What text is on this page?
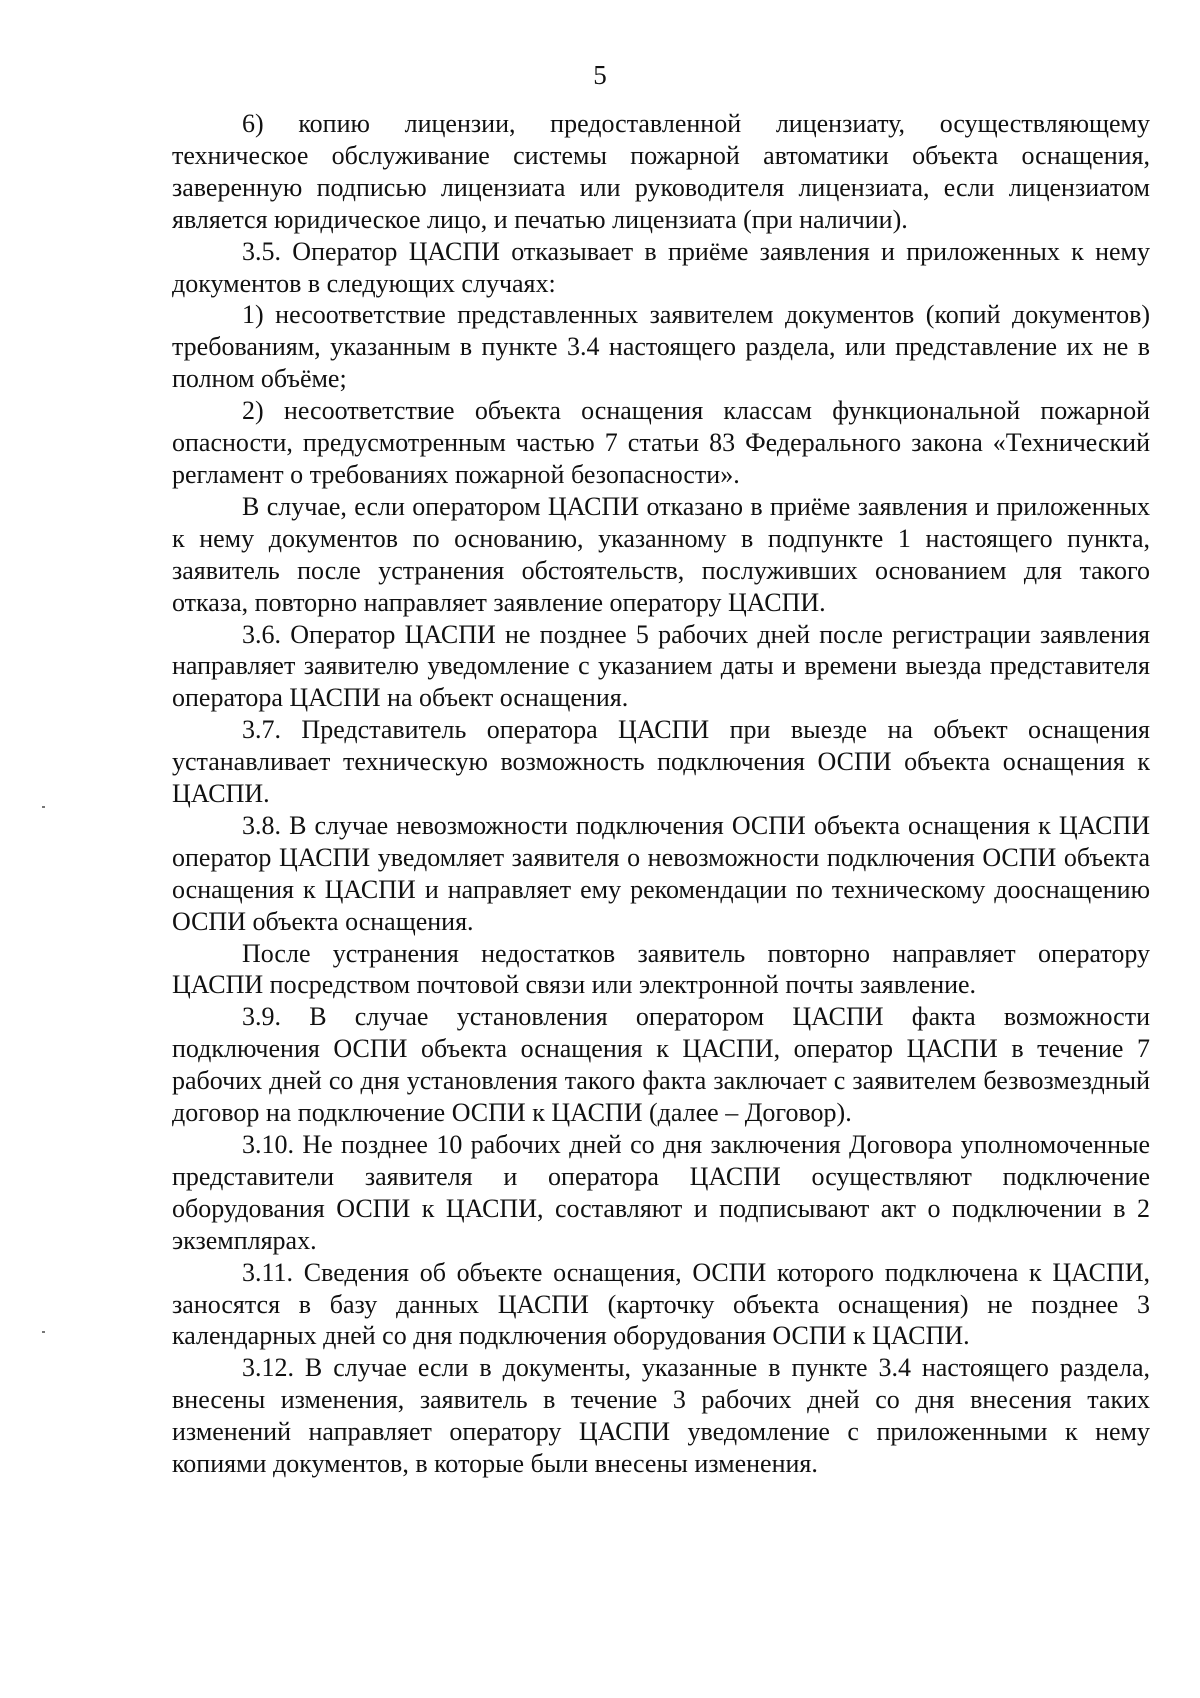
5

6) копию лицензии, предоставленной лицензиату, осуществляющему техническое обслуживание системы пожарной автоматики объекта оснащения, заверенную подписью лицензиата или руководителя лицензиата, если лицензиатом является юридическое лицо, и печатью лицензиата (при наличии).

3.5. Оператор ЦАСПИ отказывает в приёме заявления и приложенных к нему документов в следующих случаях:

1) несоответствие представленных заявителем документов (копий документов) требованиям, указанным в пункте 3.4 настоящего раздела, или представление их не в полном объёме;

2) несоответствие объекта оснащения классам функциональной пожарной опасности, предусмотренным частью 7 статьи 83 Федерального закона «Технический регламент о требованиях пожарной безопасности».

В случае, если оператором ЦАСПИ отказано в приёме заявления и приложенных к нему документов по основанию, указанному в подпункте 1 настоящего пункта, заявитель после устранения обстоятельств, послуживших основанием для такого отказа, повторно направляет заявление оператору ЦАСПИ.

3.6. Оператор ЦАСПИ не позднее 5 рабочих дней после регистрации заявления направляет заявителю уведомление с указанием даты и времени выезда представителя оператора ЦАСПИ на объект оснащения.

3.7. Представитель оператора ЦАСПИ при выезде на объект оснащения устанавливает техническую возможность подключения ОСПИ объекта оснащения к ЦАСПИ.

3.8. В случае невозможности подключения ОСПИ объекта оснащения к ЦАСПИ оператор ЦАСПИ уведомляет заявителя о невозможности подключения ОСПИ объекта оснащения к ЦАСПИ и направляет ему рекомендации по техническому дооснащению ОСПИ объекта оснащения.

После устранения недостатков заявитель повторно направляет оператору ЦАСПИ посредством почтовой связи или электронной почты заявление.

3.9. В случае установления оператором ЦАСПИ факта возможности подключения ОСПИ объекта оснащения к ЦАСПИ, оператор ЦАСПИ в течение 7 рабочих дней со дня установления такого факта заключает с заявителем безвозмездный договор на подключение ОСПИ к ЦАСПИ (далее – Договор).

3.10. Не позднее 10 рабочих дней со дня заключения Договора уполномоченные представители заявителя и оператора ЦАСПИ осуществляют подключение оборудования ОСПИ к ЦАСПИ, составляют и подписывают акт о подключении в 2 экземплярах.

3.11. Сведения об объекте оснащения, ОСПИ которого подключена к ЦАСПИ, заносятся в базу данных ЦАСПИ (карточку объекта оснащения) не позднее 3 календарных дней со дня подключения оборудования ОСПИ к ЦАСПИ.

3.12. В случае если в документы, указанные в пункте 3.4 настоящего раздела, внесены изменения, заявитель в течение 3 рабочих дней со дня внесения таких изменений направляет оператору ЦАСПИ уведомление с приложенными к нему копиями документов, в которые были внесены изменения.
